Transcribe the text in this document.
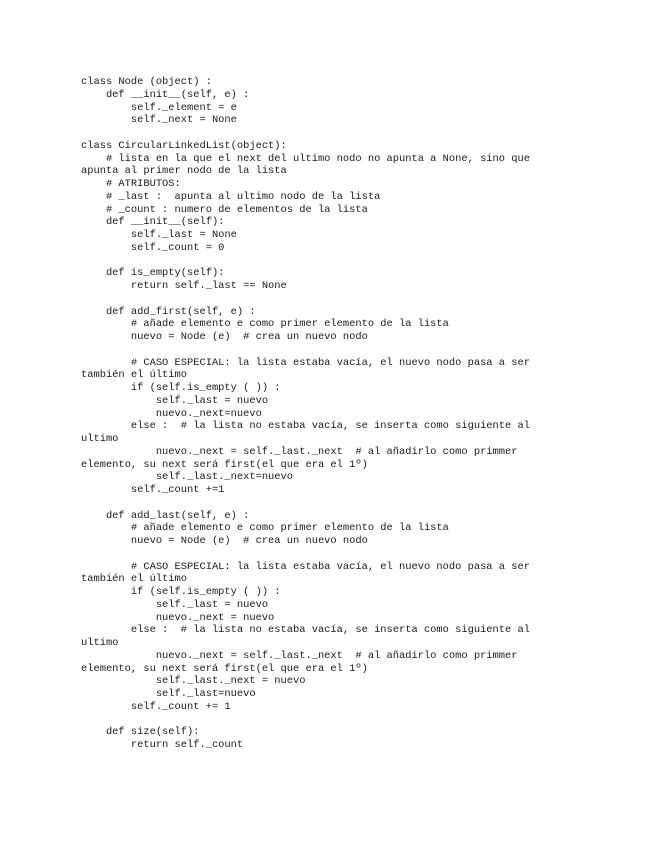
class Node (object) :
def __init__(self, e) :
self._element = e
self._next = None
class CircularLinkedList(object):
# lista en la que el next del ultimo nodo no apunta a None, sino que
apunta al primer nodo de la lista
# ATRIBUTOS:
# _last :  apunta al ultimo nodo de la lista
# _count : numero de elementos de la lista
def __init__(self):
self._last = None
self._count = 0
def is_empty(self):
return self._last == None
def add_first(self, e) :
# añade elemento e como primer elemento de la lista
nuevo = Node (e)  # crea un nuevo nodo
# CASO ESPECIAL: la lista estaba vacía, el nuevo nodo pasa a ser
también el último
if (self.is_empty ( )) :
self._last = nuevo
nuevo._next=nuevo
else :  # la lista no estaba vacía, se inserta como siguiente al
ultimo
nuevo._next = self._last._next  # al añadirlo como primmer
elemento, su next será first(el que era el 1º)
self._last._next=nuevo
self._count +=1
def add_last(self, e) :
# añade elemento e como primer elemento de la lista
nuevo = Node (e)  # crea un nuevo nodo
# CASO ESPECIAL: la lista estaba vacía, el nuevo nodo pasa a ser
también el último
if (self.is_empty ( )) :
self._last = nuevo
nuevo._next = nuevo
else :  # la lista no estaba vacía, se inserta como siguiente al
ultimo
nuevo._next = self._last._next  # al añadirlo como primmer
elemento, su next será first(el que era el 1º)
self._last._next = nuevo
self._last=nuevo
self._count += 1
def size(self):
return self._count
